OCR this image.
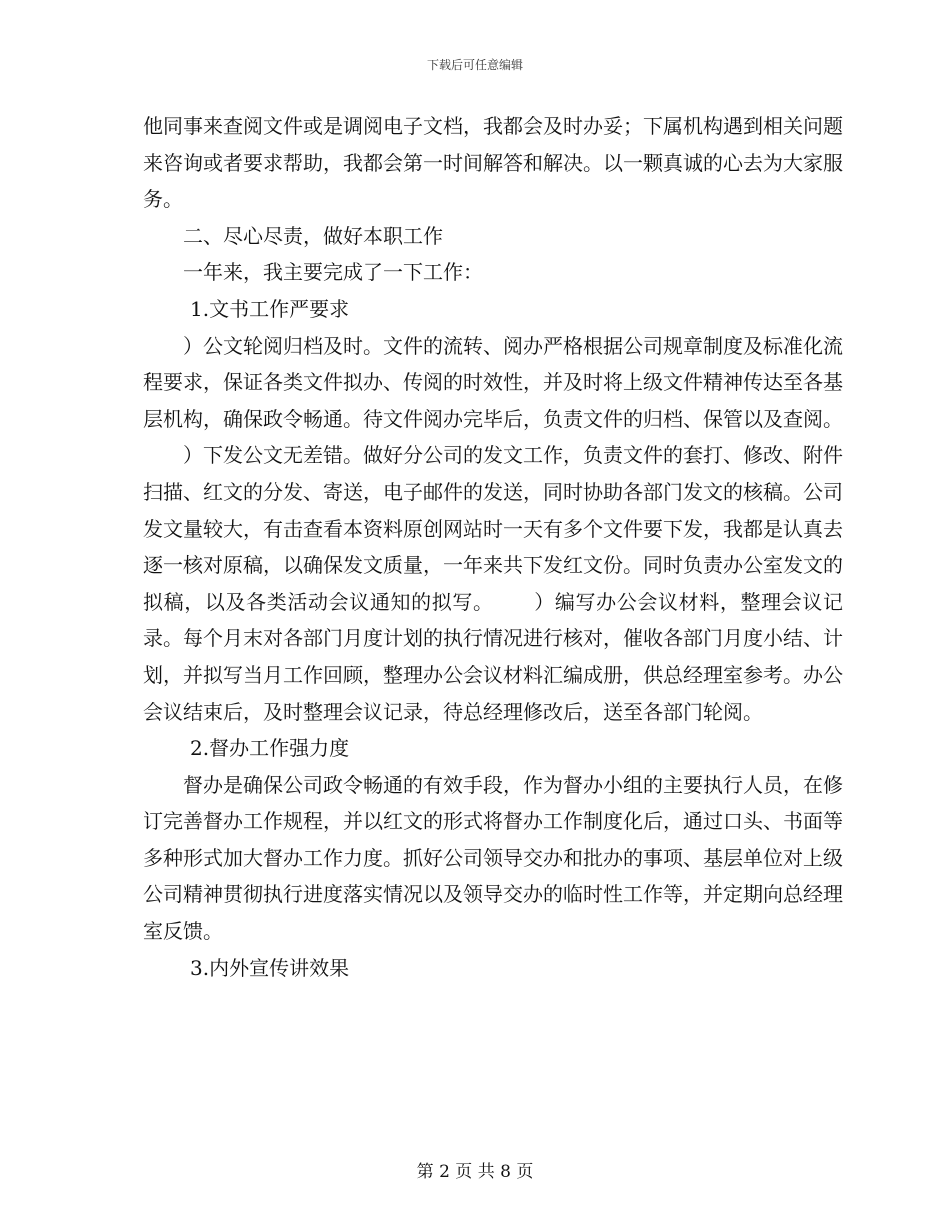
下载后可任意编辑

他同事来查阅文件或是调阅电子文档，我都会及时办妥；下属机构遇到相关问题来咨询或者要求帮助，我都会第一时间解答和解决。以一颗真诚的心去为大家服务。

二、尽心尽责，做好本职工作

一年来，我主要完成了一下工作：

1.文书工作严要求

）公文轮阅归档及时。文件的流转、阅办严格根据公司规章制度及标准化流程要求，保证各类文件拟办、传阅的时效性，并及时将上级文件精神传达至各基层机构，确保政令畅通。待文件阅办完毕后，负责文件的归档、保管以及查阅。

）下发公文无差错。做好分公司的发文工作，负责文件的套打、修改、附件扫描、红文的分发、寄送，电子邮件的发送，同时协助各部门发文的核稿。公司发文量较大，有击查看本资料原创网站时一天有多个文件要下发，我都是认真去逐一核对原稿，以确保发文质量，一年来共下发红文份。同时负责办公室发文的拟稿，以及各类活动会议通知的拟写。 ）编写办公会议材料，整理会议记录。每个月末对各部门月度计划的执行情况进行核对，催收各部门月度小结、计划，并拟写当月工作回顾，整理办公会议材料汇编成册，供总经理室参考。办公会议结束后，及时整理会议记录，待总经理修改后，送至各部门轮阅。

2.督办工作强力度

督办是确保公司政令畅通的有效手段，作为督办小组的主要执行人员，在修订完善督办工作规程，并以红文的形式将督办工作制度化后，通过口头、书面等多种形式加大督办工作力度。抓好公司领导交办和批办的事项、基层单位对上级公司精神贯彻执行进度落实情况以及领导交办的临时性工作等，并定期向总经理室反馈。

3.内外宣传讲效果

第 2 页 共 8 页
